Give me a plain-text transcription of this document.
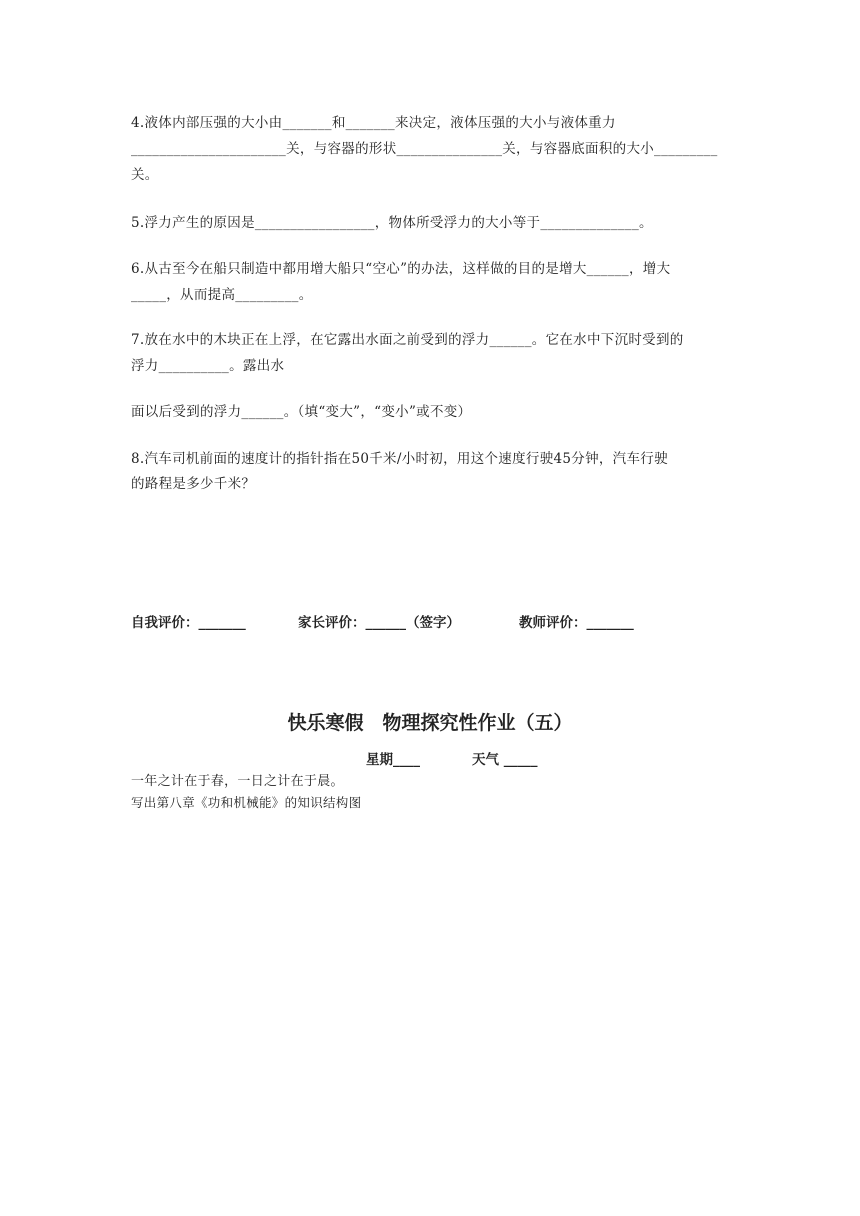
4.液体内部压强的大小由_______和_______来决定，液体压强的大小与液体重力
______________________关，与容器的形状_______________关，与容器底面积的大小_________
关。
5.浮力产生的原因是_________________，物体所受浮力的大小等于______________。
6.从古至今在船只制造中都用增大船只“空心”的办法，这样做的目的是增大______，增大
_____，从而提高_________。
7.放在水中的木块正在上浮，在它露出水面之前受到的浮力______。它在水中下沉时受到的
浮力__________。露出水
面以后受到的浮力______。（填“变大”，“变小”或不变）
8.汽车司机前面的速度计的指针指在50千米/小时初，用这个速度行驶45分钟，汽车行驶
的路程是多少千米？
自我评价：_______	家长评价：______（签字）	教师评价：_______
快乐寒假　物理探究性作业（五）
星期____	天气 _____
一年之计在于春，一日之计在于晨。
写出第八章《功和机械能》的知识结构图
